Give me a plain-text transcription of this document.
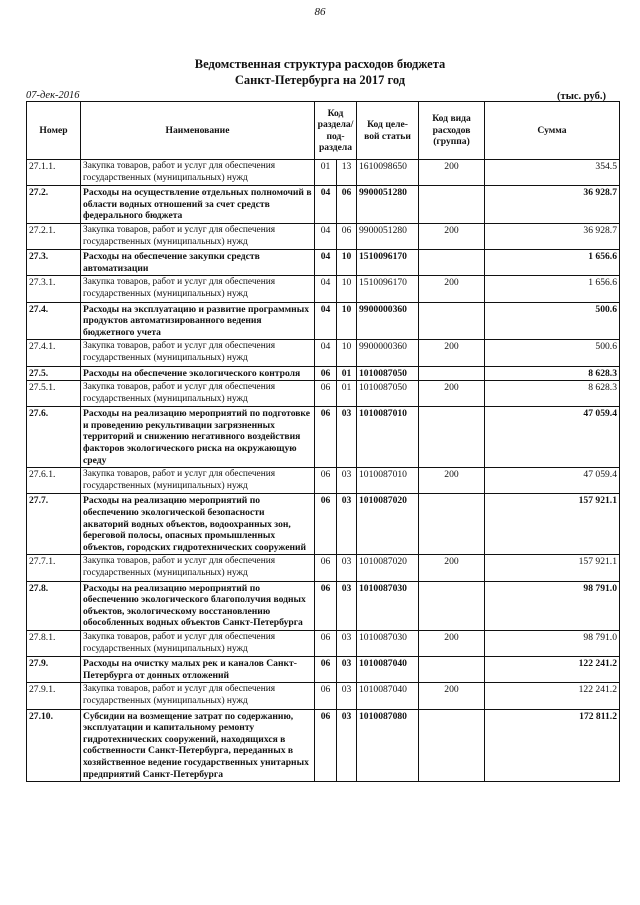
86
Ведомственная структура расходов бюджета
Санкт-Петербурга на 2017 год
07-дек-2016	(тыс. руб.)
Номер	Наименование	Код раздела/ под- раздела		Код целе- вой статьи	Код вида расходов (группа)	Сумма
27.1.1.	Закупка товаров, работ и услуг для обеспечения государственных (муниципальных) нужд	01	13	1610098650	200	354.5
27.2.	Расходы на осуществление отдельных полномочий в области водных отношений за счет средств федерального бюджета	04	06	9900051280		36 928.7
27.2.1.	Закупка товаров, работ и услуг для обеспечения государственных (муниципальных) нужд	04	06	9900051280	200	36 928.7
27.3.	Расходы на обеспечение закупки средств автоматизации	04	10	1510096170		1 656.6
27.3.1.	Закупка товаров, работ и услуг для обеспечения государственных (муниципальных) нужд	04	10	1510096170	200	1 656.6
27.4.	Расходы на эксплуатацию и развитие программных продуктов автоматизированного ведения бюджетного учета	04	10	9900000360		500.6
27.4.1.	Закупка товаров, работ и услуг для обеспечения государственных (муниципальных) нужд	04	10	9900000360	200	500.6
27.5.	Расходы на обеспечение экологического контроля	06	01	1010087050		8 628.3
27.5.1.	Закупка товаров, работ и услуг для обеспечения государственных (муниципальных) нужд	06	01	1010087050	200	8 628.3
27.6.	Расходы на реализацию мероприятий по подготовке и проведению рекультивации загрязненных территорий и снижению негативного воздействия факторов экологического риска на окружающую среду	06	03	1010087010		47 059.4
27.6.1.	Закупка товаров, работ и услуг для обеспечения государственных (муниципальных) нужд	06	03	1010087010	200	47 059.4
27.7.	Расходы на реализацию мероприятий по обеспечению экологической безопасности акваторий водных объектов, водоохранных зон, береговой полосы, опасных промышленных объектов, городских гидротехнических сооружений	06	03	1010087020		157 921.1
27.7.1.	Закупка товаров, работ и услуг для обеспечения государственных (муниципальных) нужд	06	03	1010087020	200	157 921.1
27.8.	Расходы на реализацию мероприятий по обеспечению экологического благополучия водных объектов, экологическому восстановлению обособленных водных объектов Санкт-Петербурга	06	03	1010087030		98 791.0
27.8.1.	Закупка товаров, работ и услуг для обеспечения государственных (муниципальных) нужд	06	03	1010087030	200	98 791.0
27.9.	Расходы на очистку малых рек и каналов Санкт-Петербурга от донных отложений	06	03	1010087040		122 241.2
27.9.1.	Закупка товаров, работ и услуг для обеспечения государственных (муниципальных) нужд	06	03	1010087040	200	122 241.2
27.10.	Субсидии на возмещение затрат по содержанию, эксплуатации и капитальному ремонту гидротехнических сооружений, находящихся в собственности Санкт-Петербурга, переданных в хозяйственное ведение государственных унитарных предприятий Санкт-Петербурга	06	03	1010087080		172 811.2
